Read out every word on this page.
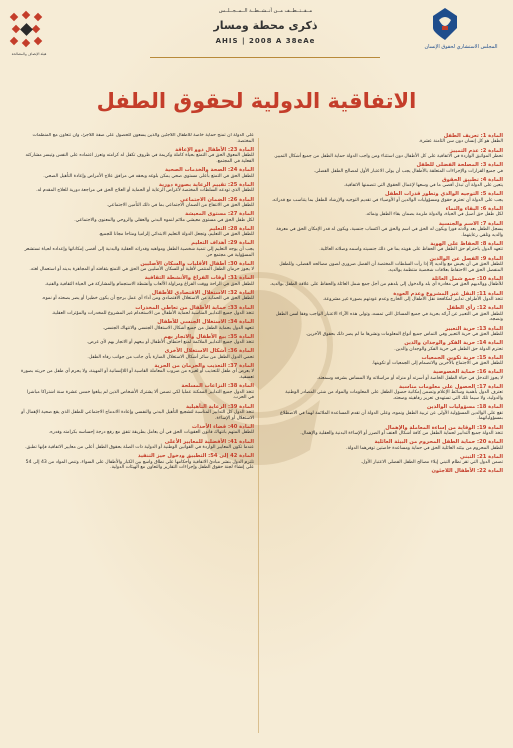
هيئة الإنصاف والمصالحة
مــقــتــطــف مــن أنــشــطــة الــمــجــلــس
ذكرى محطة ومسار
AHIS | 2008 A 38eAe
المجلس الاستشاري لحقوق الإنسان
الاتفاقية الدولية لحقوق الطفل
المادة 1: تعريف الطفل
الطفل هو كل إنسان دون سن الثامنة عشرة.
المادة 2: عدم التمييز
تحظر المواثيق الواردة في الاتفاقية على كل الأطفال دون استثناء ومن واجب الدولة حماية الطفل من جميع أشكال التمييز.
المادة 3: المصلحة الفضلى للطفل
في جميع القرارات والإجراءات المتعلقة بالأطفال يجب أن يولى الاعتبار الأول لمصالح الطفل الفضلى.
المادة 4: تطبيق الحقوق
يتعين على الدولة أن تبذل أقصى ما في وسعها لإعمال الحقوق التي تتضمنها الاتفاقية.
المادة 5: التوجيه الوالدي وتطور قدرات الطفل
يجب على الدولة أن تحترم حقوق ومسؤوليات الوالدين أو الأوصياء في تقديم التوجيه والإرشاد للطفل بما يتناسب مع قدراته.
المادة 6: البقاء والنماء
لكل طفل حق أصيل في الحياة، والدولة ملزمة بضمان بقاء الطفل ونمائه.
المادة 7: الاسم والجنسية
يسجل الطفل بعد ولادته فورا ويكون له الحق في اسم والحق في اكتساب جنسية، ويكون له قدر الإمكان الحق في معرفة والديه وتلقي رعايتهما.
المادة 8: الحفاظ على الهوية
تتعهد الدول باحترام حق الطفل في الحفاظ على هويته بما في ذلك جنسيته واسمه وصلاته العائلية.
المادة 9: الفصل عن الوالدين
للطفل الحق في أن يعيش مع والديه إلا إذا رأت السلطات المختصة أن الفصل ضروري لصون مصالحه الفضلى، وللطفل المنفصل الحق في الاحتفاظ بعلاقات شخصية منتظمة بوالديه.
المادة 10: جمع شمل العائلة
للأطفال ووالديهم الحق في مغادرة أي بلد والدخول إلى بلدهم من أجل جمع شمل العائلة والحفاظ على علاقة الطفل بوالديه.
المادة 11: النقل غير المشروع وعدم العودة
تتخذ الدول الأطراف تدابير لمكافحة نقل الأطفال إلى الخارج وعدم عودتهم بصورة غير مشروعة.
المادة 12: رأي الطفل
للطفل الحق في التعبير عن آرائه بحرية في جميع المسائل التي تمسه، وتولى هذه الآراء الاعتبار الواجب وفقا لسن الطفل ونضجه.
المادة 13: حرية التعبير
للطفل الحق في حرية التعبير وفي التماس جميع أنواع المعلومات ونشرها ما لم يضر ذلك بحقوق الآخرين.
المادة 14: حرية الفكر والوجدان والدين
تحترم الدولة حق الطفل في حرية الفكر والوجدان والدين.
المادة 15: حرية تكوين الجمعيات
للطفل الحق في الاجتماع بالآخرين والانضمام إلى الجمعيات أو تكوينها.
المادة 16: حماية الخصوصية
لا يجوز التدخل في حياة الطفل الخاصة أو أسرته أو منزله أو مراسلاته ولا المساس بشرفه وسمعته.
المادة 17: الحصول على معلومات مناسبة
تعترف الدول بأهمية وسائط الإعلام وتضمن إمكانية حصول الطفل على المعلومات والمواد من شتى المصادر الوطنية والدولية، ولا سيما تلك التي تستهدف تعزيز رفاهيته وصحته.
المادة 18: مسؤوليات الوالدين
تقع على الوالدين المسؤولية الأولى عن تربية الطفل ونموه، وعلى الدولة أن تقدم المساعدة الملائمة لهما في الاضطلاع بمسؤولياتهما.
المادة 19: الوقاية من إساءة المعاملة والإهمال
تتخذ الدولة جميع التدابير لحماية الطفل من كافة أشكال العنف أو الضرر أو الإساءة البدنية والعقلية والإهمال.
المادة 20: حماية الطفل المحروم من البيئة العائلية
للطفل المحروم من بيئته العائلية الحق في حماية ومساعدة خاصتين توفرهما الدولة.
المادة 21: التبني
تضمن الدول التي تقر نظام التبني إيلاء مصالح الطفل الفضلى الاعتبار الأول.
المادة 22: الأطفال اللاجئون
على الدولة أن تمنح حماية خاصة للأطفال اللاجئين والذين يسعون للحصول على صفة اللاجئ، وأن تتعاون مع المنظمات المختصة.
المادة 23: الأطفال ذوو الإعاقة
للطفل المعوق الحق في التمتع بحياة كاملة وكريمة في ظروف تكفل له كرامته وتعزز اعتماده على النفس وتيسر مشاركته الفعلية في المجتمع.
المادة 24: الصحة والخدمات الصحية
للطفل الحق في التمتع بأعلى مستوى صحي يمكن بلوغه وبحقه في مرافق علاج الأمراض وإعادة التأهيل الصحي.
المادة 25: تقييم الرعاية بصورة دورية
للطفل الذي تودعه السلطات المختصة لأغراض الرعاية أو الحماية أو العلاج الحق في مراجعة دورية للعلاج المقدم له.
المادة 26: الضمان الاجتماعي
للطفل الحق في الانتفاع من الضمان الاجتماعي بما في ذلك التأمين الاجتماعي.
المادة 27: مستوى المعيشة
لكل طفل الحق في مستوى معيشي ملائم لنموه البدني والعقلي والروحي والمعنوي والاجتماعي.
المادة 28: التعليم
للطفل الحق في التعليم، وتجعل الدولة التعليم الابتدائي إلزاميا ومتاحا مجانا للجميع.
المادة 29: أهداف التعليم
يجب أن يوجه التعليم إلى تنمية شخصية الطفل ومواهبه وقدراته العقلية والبدنية إلى أقصى إمكاناتها وإعداده لحياة تستشعر المسؤولية في مجتمع حر.
المادة 30: أطفال الأقليات والسكان الأصليين
لا يجوز حرمان الطفل المنتمي لأقلية أو للسكان الأصليين من الحق في التمتع بثقافته أو المجاهرة بدينه أو استعمال لغته.
المادة 31: أوقات الفراغ والأنشطة الثقافية
للطفل الحق في الراحة ووقت الفراغ ومزاولة الألعاب وأنشطة الاستجمام والمشاركة في الحياة الثقافية والفنية.
المادة 32: الاستغلال الاقتصادي للأطفال
للطفل الحق في الحماية من الاستغلال الاقتصادي ومن أداء أي عمل يرجح أن يكون خطيرا أو يضر بصحته أو نموه.
المادة 33: حماية الأطفال من تعاطي المخدرات
تتخذ الدول جميع التدابير المناسبة لحماية الأطفال من الاستخدام غير المشروع للمخدرات والمؤثرات العقلية.
المادة 34: الاستغلال الجنسي للأطفال
تتعهد الدول بحماية الطفل من جميع أشكال الاستغلال الجنسي والانتهاك الجنسي.
المادة 35: بيع الأطفال والاتجار بهم
تتخذ الدول جميع التدابير الملائمة لمنع اختطاف الأطفال أو بيعهم أو الاتجار بهم لأي غرض.
المادة 36: أشكال الاستغلال الأخرى
تحمي الدول الطفل من سائر أشكال الاستغلال الضارة بأي جانب من جوانب رفاه الطفل.
المادة 37: التعذيب والحرمان من الحرية
لا يعرض أي طفل للتعذيب أو لغيره من ضروب المعاملة القاسية أو اللاإنسانية أو المهينة، ولا يحرم أي طفل من حريته بصورة تعسفية.
المادة 38: النزاعات المسلحة
تتخذ الدول جميع التدابير الممكنة عمليا لكي تضمن ألا يشترك الأشخاص الذين لم يبلغوا خمس عشرة سنة اشتراكا مباشرا في الحرب.
المادة 39: الرعاية التأهيلية
تتخذ الدول كل التدابير المناسبة لتشجيع التأهيل البدني والنفسي وإعادة الاندماج الاجتماعي للطفل الذي يقع ضحية الإهمال أو الاستغلال أو الإساءة.
المادة 40: قضاء الأحداث
للطفل المتهم بانتهاك قانون العقوبات الحق في أن يعامل بطريقة تتفق مع رفع درجة إحساسه بكرامته وقدره.
المادة 41: الأفضلية للمعايير الأعلى
عندما تكون المعايير الواردة في القوانين الوطنية أو الدولية ذات الصلة بحقوق الطفل أعلى من معايير الاتفاقية فإنها تطبق.
المادة 42 إلى 54: التطبيق ودخول حيز التنفيذ
تلتزم الدول بنشر مبادئ الاتفاقية وأحكامها على نطاق واسع بين الكبار والأطفال على السواء، وتنص المواد من 43 إلى 54 على إنشاء لجنة حقوق الطفل وإجراءات التقارير والتعاون مع الهيئات الدولية.
